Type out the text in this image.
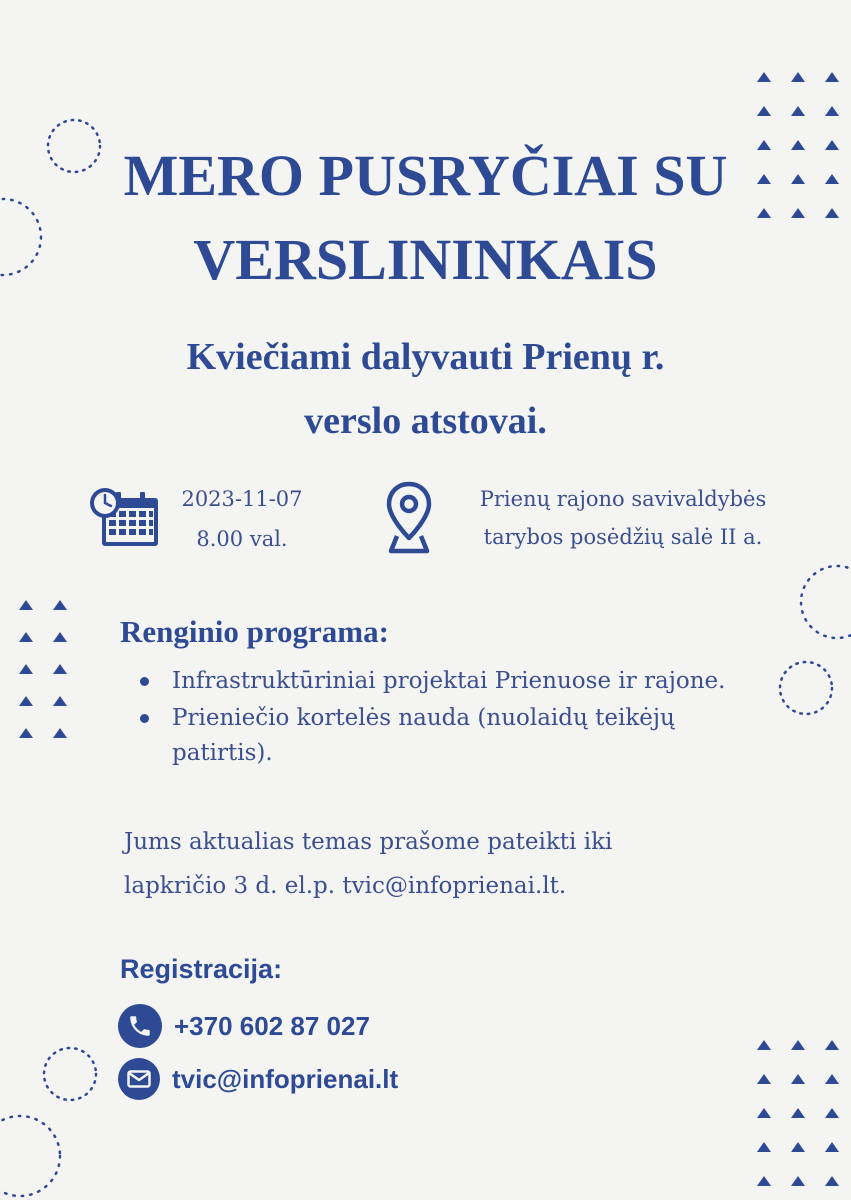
MERO PUSRYČIAI SU
VERSLININKAIS
Kviečiami dalyvauti Prienų r.
verslo atstovai.
2023-11-07
8.00 val.
Prienų rajono savivaldybės
tarybos posėdžių salė II a.
Renginio programa:
Infrastruktūriniai projektai Prienuose ir rajone.
Prieniečio kortelės nauda (nuolaidų teikėjų
patirtis).
Jums aktualias temas prašome pateikti iki
lapkričio 3 d. el.p. tvic@infoprienai.lt.
Registracija:
+370 602 87 027
tvic@infoprienai.lt
